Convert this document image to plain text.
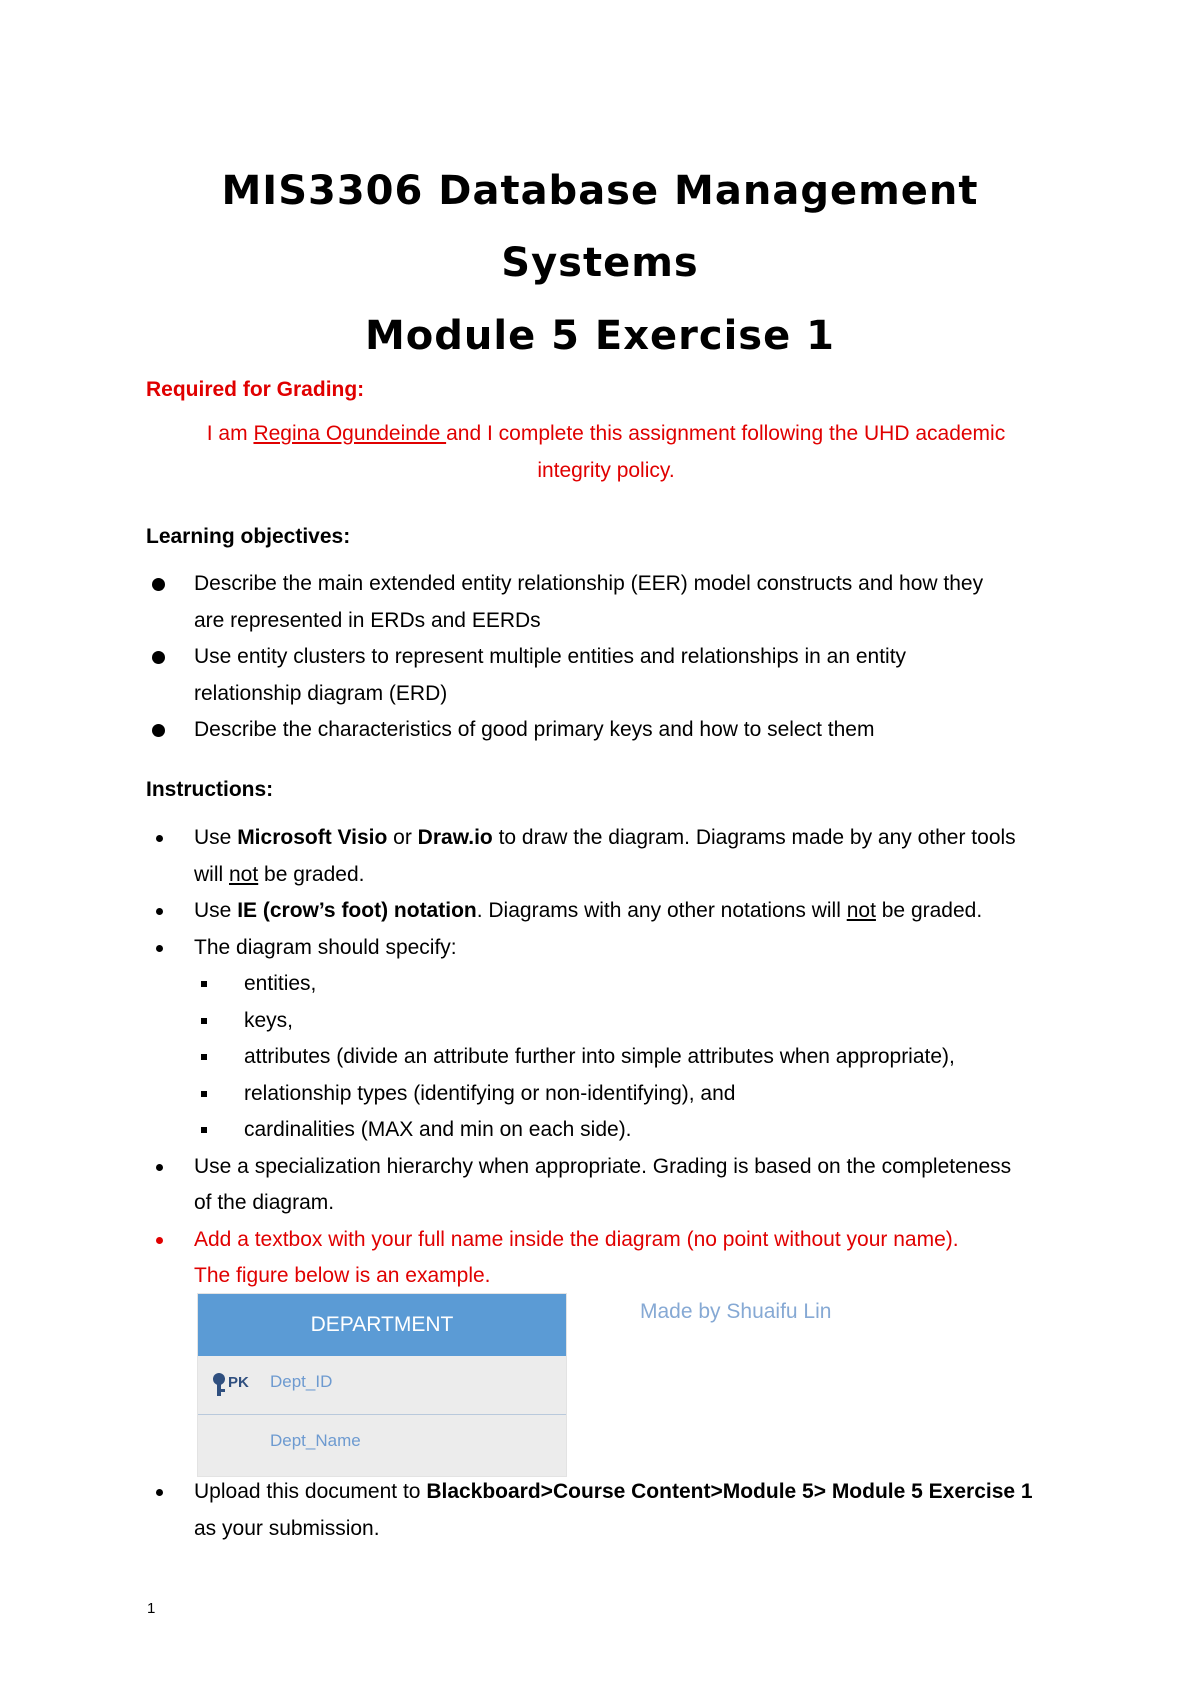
MIS3306 Database Management
Systems
Module 5 Exercise 1
Required for Grading:
I am Regina Ogundeinde and I complete this assignment following the UHD academic
integrity policy.
Learning objectives:
Describe the main extended entity relationship (EER) model constructs and how they
are represented in ERDs and EERDs
Use entity clusters to represent multiple entities and relationships in an entity
relationship diagram (ERD)
Describe the characteristics of good primary keys and how to select them
Instructions:
Use Microsoft Visio or Draw.io to draw the diagram. Diagrams made by any other tools
will not be graded.
Use IE (crow’s foot) notation. Diagrams with any other notations will not be graded.
The diagram should specify:
entities,
keys,
attributes (divide an attribute further into simple attributes when appropriate),
relationship types (identifying or non-identifying), and
cardinalities (MAX and min on each side).
Use a specialization hierarchy when appropriate. Grading is based on the completeness
of the diagram.
Add a textbox with your full name inside the diagram (no point without your name).
The figure below is an example.
DEPARTMENT
PK Dept_ID
Dept_Name
Made by Shuaifu Lin
Upload this document to Blackboard>Course Content>Module 5> Module 5 Exercise 1
as your submission.
1
